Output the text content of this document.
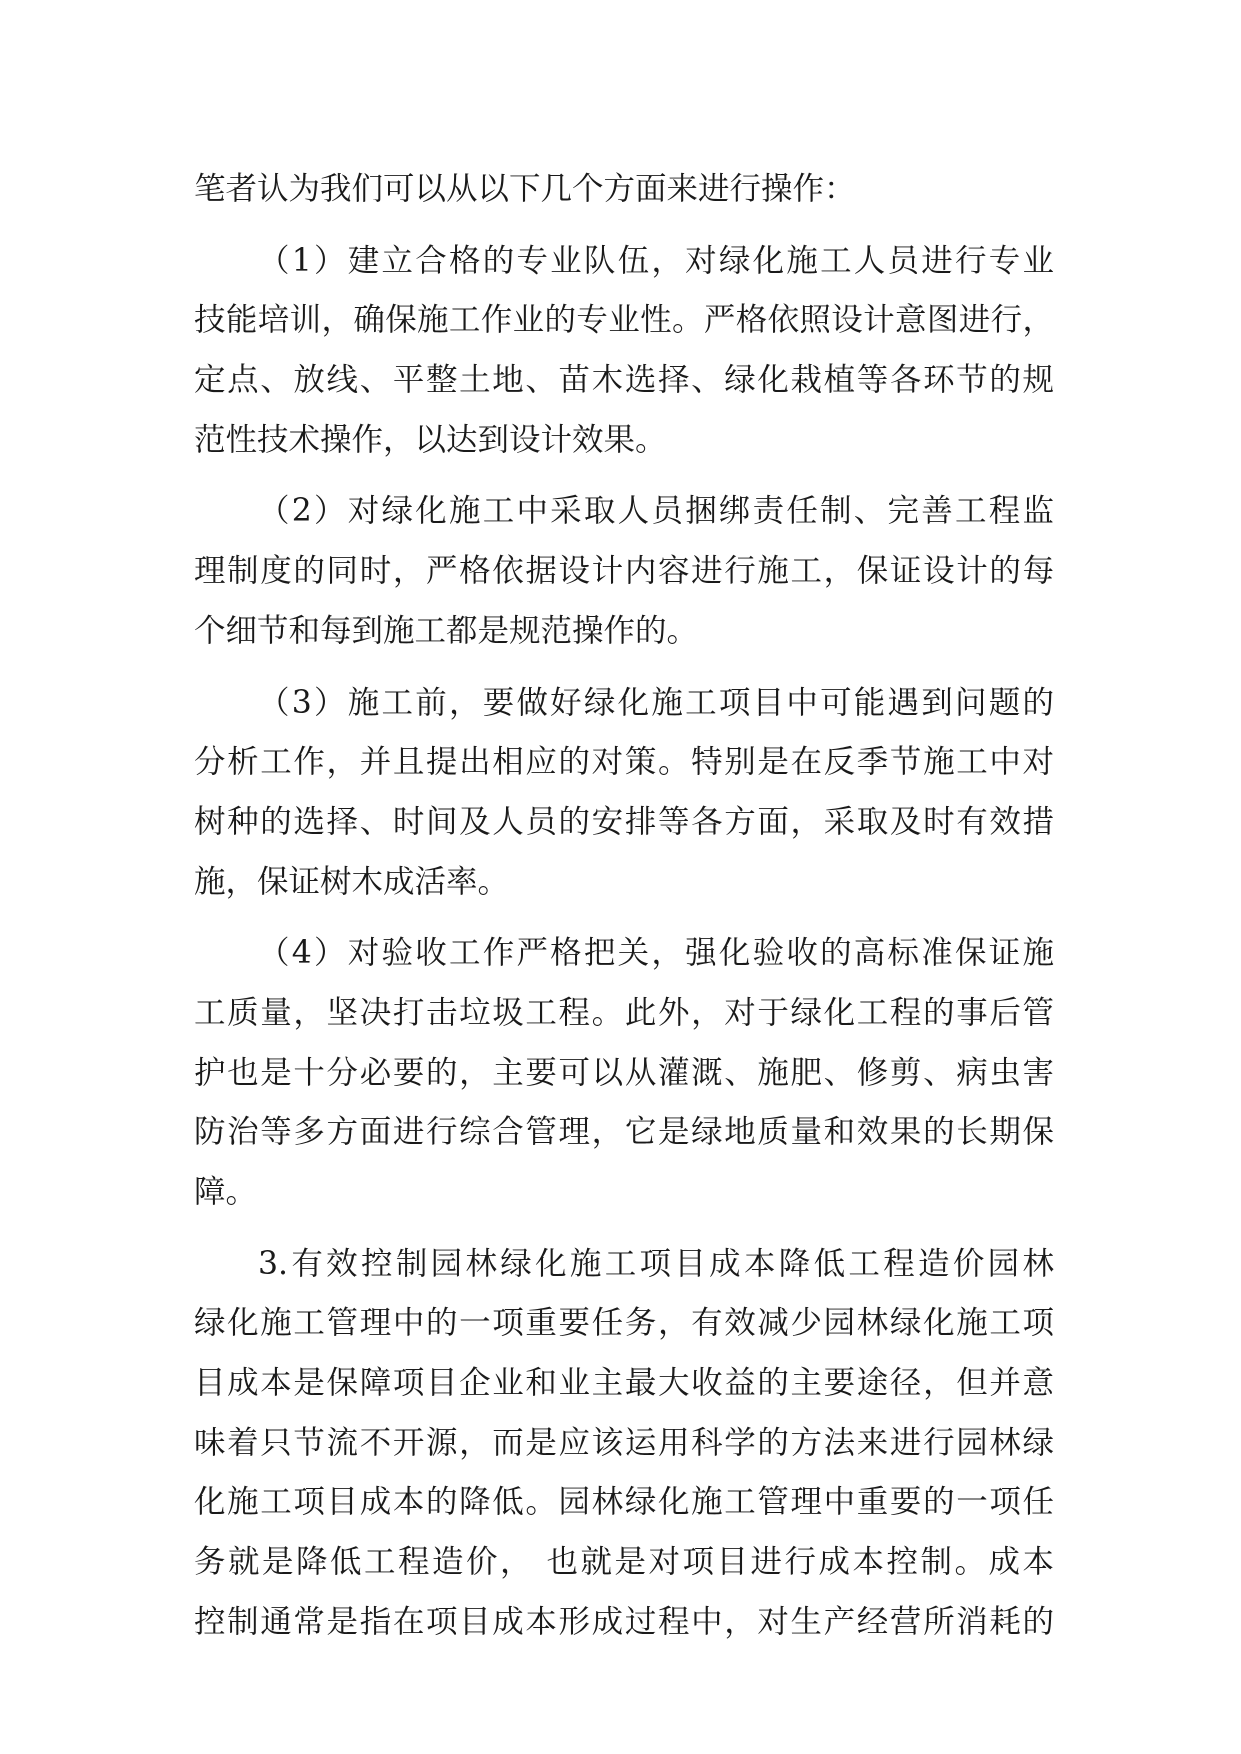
笔者认为我们可以从以下几个方面来进行操作：
（1）建立合格的专业队伍，对绿化施工人员进行专业
技能培训，确保施工作业的专业性。严格依照设计意图进行，
定点、放线、平整土地、苗木选择、绿化栽植等各环节的规
范性技术操作，以达到设计效果。
（2）对绿化施工中采取人员捆绑责任制、完善工程监
理制度的同时，严格依据设计内容进行施工，保证设计的每
个细节和每到施工都是规范操作的。
（3）施工前，要做好绿化施工项目中可能遇到问题的
分析工作，并且提出相应的对策。特别是在反季节施工中对
树种的选择、时间及人员的安排等各方面，采取及时有效措
施，保证树木成活率。
（4）对验收工作严格把关，强化验收的高标准保证施
工质量，坚决打击垃圾工程。此外，对于绿化工程的事后管
护也是十分必要的，主要可以从灌溉、施肥、修剪、病虫害
防治等多方面进行综合管理，它是绿地质量和效果的长期保
障。
3.有效控制园林绿化施工项目成本降低工程造价园林
绿化施工管理中的一项重要任务，有效减少园林绿化施工项
目成本是保障项目企业和业主最大收益的主要途径，但并意
味着只节流不开源，而是应该运用科学的方法来进行园林绿
化施工项目成本的降低。园林绿化施工管理中重要的一项任
务就是降低工程造价， 也就是对项目进行成本控制。成本
控制通常是指在项目成本形成过程中，对生产经营所消耗的
